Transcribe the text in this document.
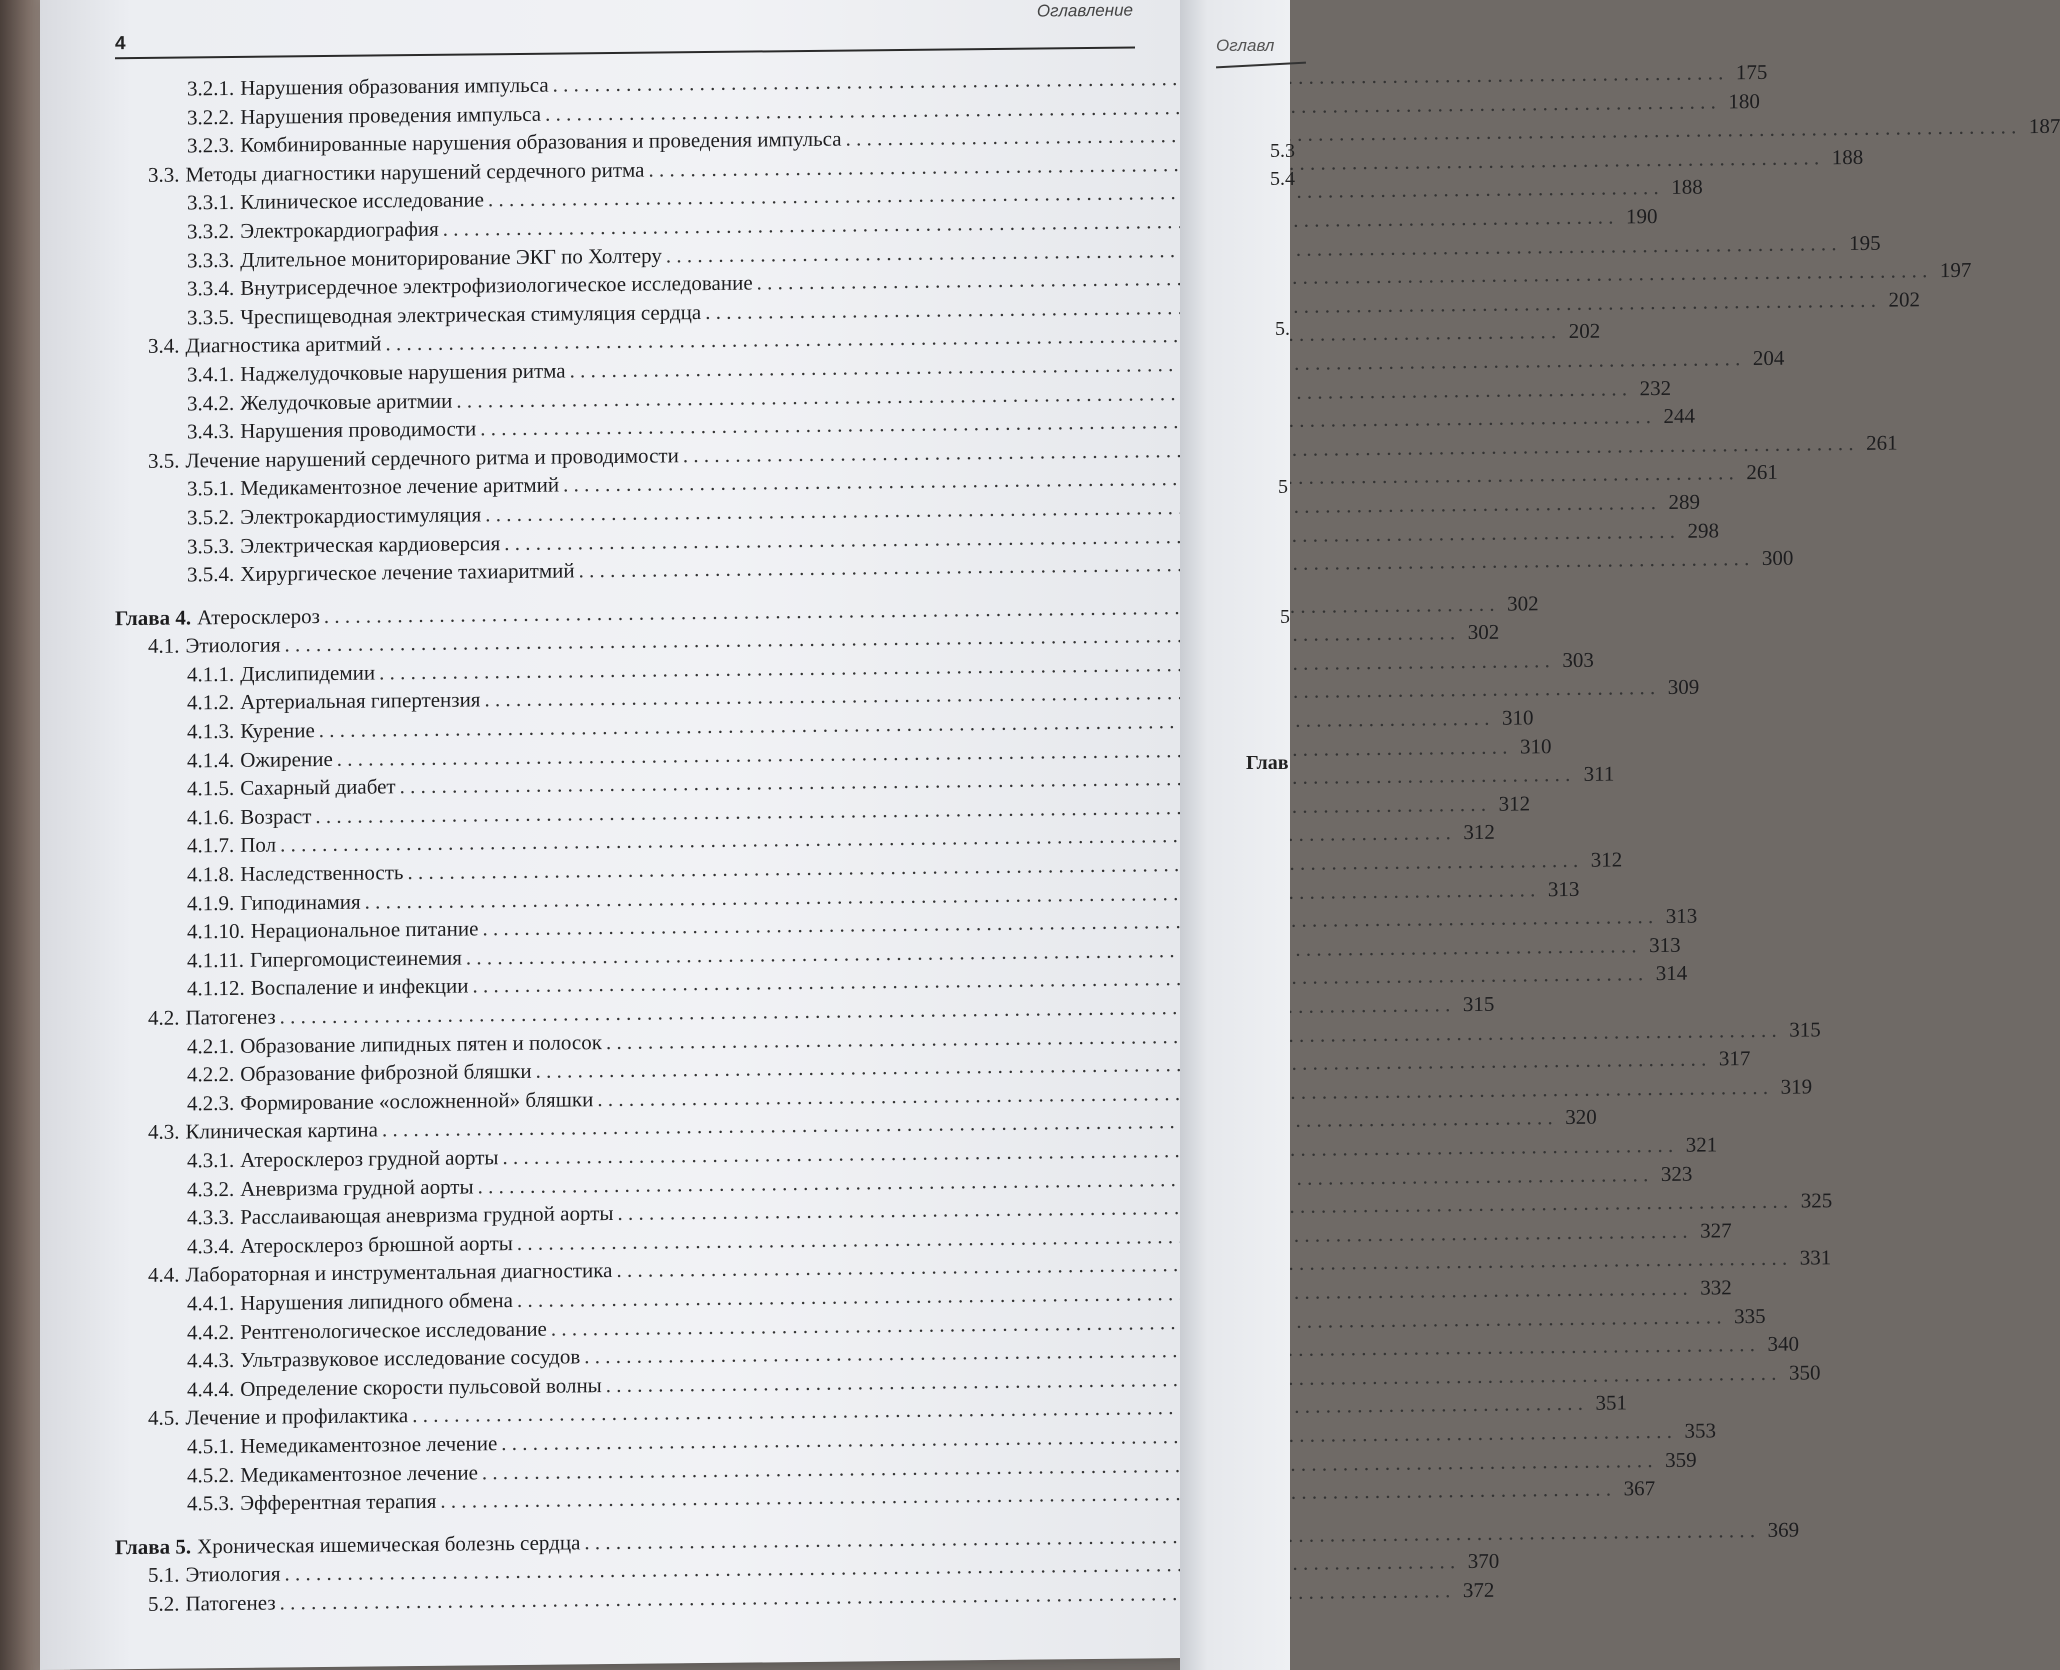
4
Оглавление
3.2.1. Нарушения образования импульса
. . .
175
3.2.2. Нарушения проведения импульса
. . .
180
3.2.3. Комбинированные нарушения образования и проведения импульса
. . .
187
3.3. Методы диагностики нарушений сердечного ритма
. . .
188
3.3.1. Клиническое исследование
. . .
188
3.3.2. Электрокардиография
. . .
190
3.3.3. Длительное мониторирование ЭКГ по Холтеру
. . .
195
3.3.4. Внутрисердечное электрофизиологическое исследование
. . .
197
3.3.5. Чреспищеводная электрическая стимуляция сердца
. . .
202
3.4. Диагностика аритмий
. . .
202
3.4.1. Наджелудочковые нарушения ритма
. . .
204
3.4.2. Желудочковые аритмии
. . .
232
3.4.3. Нарушения проводимости
. . .
244
3.5. Лечение нарушений сердечного ритма и проводимости
. . .
261
3.5.1. Медикаментозное лечение аритмий
. . .
261
3.5.2. Электрокардиостимуляция
. . .
289
3.5.3. Электрическая кардиоверсия
. . .
298
3.5.4. Хирургическое лечение тахиаритмий
. . .
300
Глава 4. Атеросклероз
. . .
302
4.1. Этиология
. . .
302
4.1.1. Дислипидемии
. . .
303
4.1.2. Артериальная гипертензия
. . .
309
4.1.3. Курение
. . .
310
4.1.4. Ожирение
. . .
310
4.1.5. Сахарный диабет
. . .
311
4.1.6. Возраст
. . .
312
4.1.7. Пол
. . .
312
4.1.8. Наследственность
. . .
312
4.1.9. Гиподинамия
. . .
313
4.1.10. Нерациональное питание
. . .
313
4.1.11. Гипергомоцистеинемия
. . .
313
4.1.12. Воспаление и инфекции
. . .
314
4.2. Патогенез
. . .
315
4.2.1. Образование липидных пятен и полосок
. . .
315
4.2.2. Образование фиброзной бляшки
. . .
317
4.2.3. Формирование «осложненной» бляшки
. . .
319
4.3. Клиническая картина
. . .
320
4.3.1. Атеросклероз грудной аорты
. . .
321
4.3.2. Аневризма грудной аорты
. . .
323
4.3.3. Расслаивающая аневризма грудной аорты
. . .
325
4.3.4. Атеросклероз брюшной аорты
. . .
327
4.4. Лабораторная и инструментальная диагностика
. . .
331
4.4.1. Нарушения липидного обмена
. . .
332
4.4.2. Рентгенологическое исследование
. . .
335
4.4.3. Ультразвуковое исследование сосудов
. . .
340
4.4.4. Определение скорости пульсовой волны
. . .
350
4.5. Лечение и профилактика
. . .
351
4.5.1. Немедикаментозное лечение
. . .
353
4.5.2. Медикаментозное лечение
. . .
359
4.5.3. Эфферентная терапия
. . .
367
Глава 5. Хроническая ишемическая болезнь сердца
. . .
369
5.1. Этиология
. . .
370
5.2. Патогенез
. . .
372
Оглавл
5.3
5.4
5.
5
5
Глав
